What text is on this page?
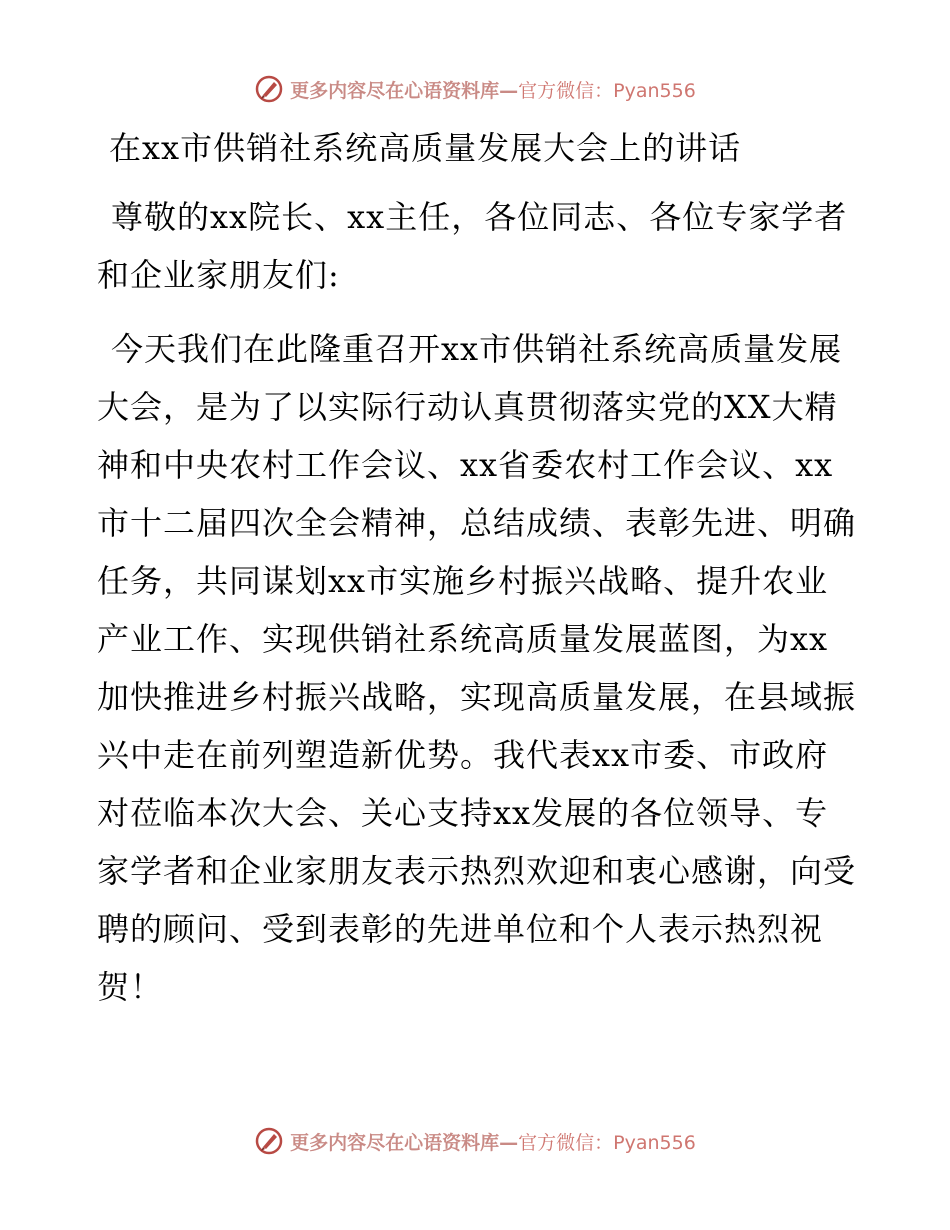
更多内容尽在心语资料库—官方微信：Pyan556
在xx市供销社系统高质量发展大会上的讲话

尊敬的xx院长、xx主任，各位同志、各位专家学者和企业家朋友们:

今天我们在此隆重召开xx市供销社系统高质量发展大会，是为了以实际行动认真贯彻落实党的XX大精神和中央农村工作会议、xx省委农村工作会议、xx市十二届四次全会精神，总结成绩、表彰先进、明确任务，共同谋划xx市实施乡村振兴战略、提升农业产业工作、实现供销社系统高质量发展蓝图，为xx加快推进乡村振兴战略，实现高质量发展，在县域振兴中走在前列塑造新优势。我代表xx市委、市政府对莅临本次大会、关心支持xx发展的各位领导、专家学者和企业家朋友表示热烈欢迎和衷心感谢，向受聘的顾问、受到表彰的先进单位和个人表示热烈祝贺！

更多内容尽在心语资料库—官方微信：Pyan556
